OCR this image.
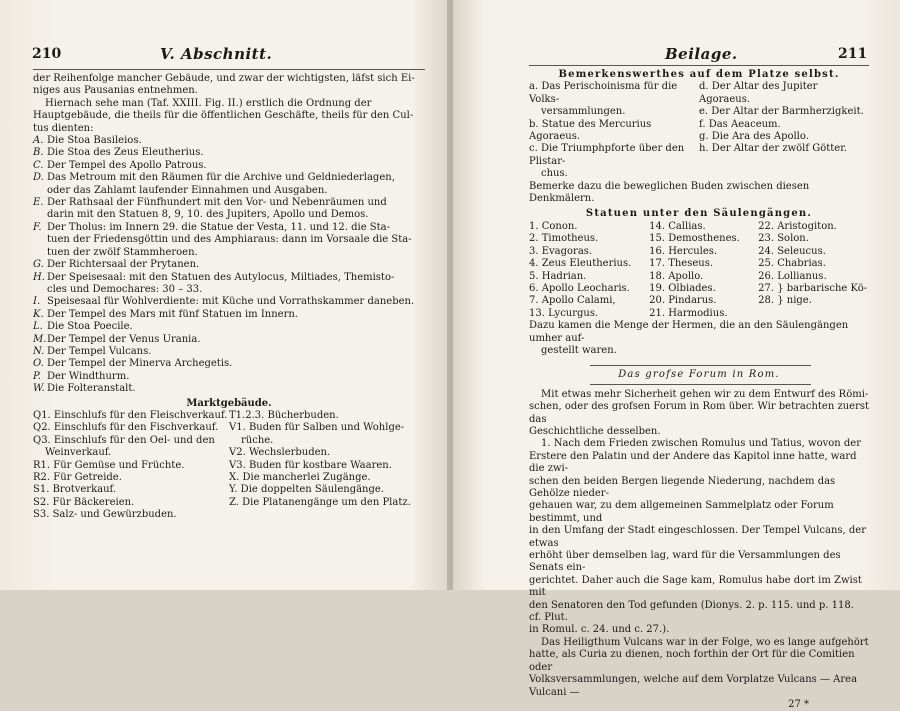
210	V. Abschnitt.

der Reihenfolge mancher Gebäude, und zwar der wichtigsten, läfst sich Ei-

niges aus Pausanias entnehmen.

Hiernach sehe man (Taf. XXIII. Fig. II.) erstlich die Ordnung der

Hauptgebäude, die theils für die öffentlichen Geschäfte, theils für den Cul-

tus dienten:

A. Die Stoa Basileios.

B. Die Stoa des Zeus Eleutherius.

C. Der Tempel des Apollo Patrous.

D. Das Metroum mit den Räumen für die Archive und Geldniederlagen,

oder das Zahlamt laufender Einnahmen und Ausgaben.

E. Der Rathsaal der Fünfhundert mit den Vor- und Nebenräumen und

darin mit den Statuen 8, 9, 10. des Jupiters, Apollo und Demos.

F. Der Tholus: im Innern 29. die Statue der Vesta, 11. und 12. die Sta-

tuen der Friedensgöttin und des Amphiaraus: dann im Vorsaale die Sta-

tuen der zwölf Stammheroen.

G. Der Richtersaal der Prytanen.

H. Der Speisesaal: mit den Statuen des Autylocus, Miltiades, Themisto-

cles und Demochares: 30 – 33.

I. Speisesaal für Wohlverdiente: mit Küche und Vorrathskammer daneben.

K. Der Tempel des Mars mit fünf Statuen im Innern.

L. Die Stoa Poecile.

M. Der Tempel der Venus Urania.

N. Der Tempel Vulcans.

O. Der Tempel der Minerva Archegetis.

P. Der Windthurm.

W. Die Folteranstalt.

Marktgebäude.

Q1. Einschlufs für den Fleischverkauf.

Q2. Einschlufs für den Fischverkauf.

Q3. Einschlufs für den Oel- und den

Weinverkauf.

R1. Für Gemüse und Früchte.

R2. Für Getreide.

S1. Brotverkauf.

S2. Für Bäckereien.

S3. Salz- und Gewürzbuden.

T1.2.3. Bücherbuden.

V1. Buden für Salben und Wohlge-

rüche.

V2. Wechslerbuden.

V3. Buden für kostbare Waaren.

X. Die mancherlei Zugänge.

Y. Die doppelten Säulengänge.

Z. Die Platanengänge um den Platz.

Beilage.	211

Bemerkenswerthes auf dem Platze selbst.

a. Das Perischoinisma für die Volks-

versammlungen.

b. Statue des Mercurius Agoraeus.

c. Die Triumphpforte über den Plistar-

chus.

d. Der Altar des Jupiter Agoraeus.

e. Der Altar der Barmherzigkeit.

f. Das Aeaceum.

g. Die Ara des Apollo.

h. Der Altar der zwölf Götter.

Bemerke dazu die beweglichen Buden zwischen diesen Denkmälern.

Statuen unter den Säulengängen.

1. Conon.

2. Timotheus.

3. Evagoras.

4. Zeus Eleutherius.

5. Hadrian.

6. Apollo Leocharis.

7. Apollo Calami,

13. Lycurgus.

14. Callias.

15. Demosthenes.

16. Hercules.

17. Theseus.

18. Apollo.

19. Olbiades.

20. Pindarus.

21. Harmodius.

22. Aristogiton.

23. Solon.

24. Seleucus.

25. Chabrias.

26. Lollianus.

27. } barbarische Kö-

28. } nige.

Dazu kamen die Menge der Hermen, die an den Säulengängen umher auf-

gestellt waren.

Das grofse Forum in Rom.

Mit etwas mehr Sicherheit gehen wir zu dem Entwurf des Römi-

schen, oder des grofsen Forum in Rom über. Wir betrachten zuerst das

Geschichtliche desselben.

1. Nach dem Frieden zwischen Romulus und Tatius, wovon der

Erstere den Palatin und der Andere das Kapitol inne hatte, ward die zwi-

schen den beiden Bergen liegende Niederung, nachdem das Gehölze nieder-

gehauen war, zu dem allgemeinen Sammelplatz oder Forum bestimmt, und

in den Umfang der Stadt eingeschlossen. Der Tempel Vulcans, der etwas

erhöht über demselben lag, ward für die Versammlungen des Senats ein-

gerichtet. Daher auch die Sage kam, Romulus habe dort im Zwist mit

den Senatoren den Tod gefunden (Dionys. 2. p. 115. und p. 118. cf. Plut.

in Romul. c. 24. und c. 27.).

Das Heiligthum Vulcans war in der Folge, wo es lange aufgehört

hatte, als Curia zu dienen, noch forthin der Ort für die Comitien oder

Volksversammlungen, welche auf dem Vorplatze Vulcans — Area Vulcani —

27 *
